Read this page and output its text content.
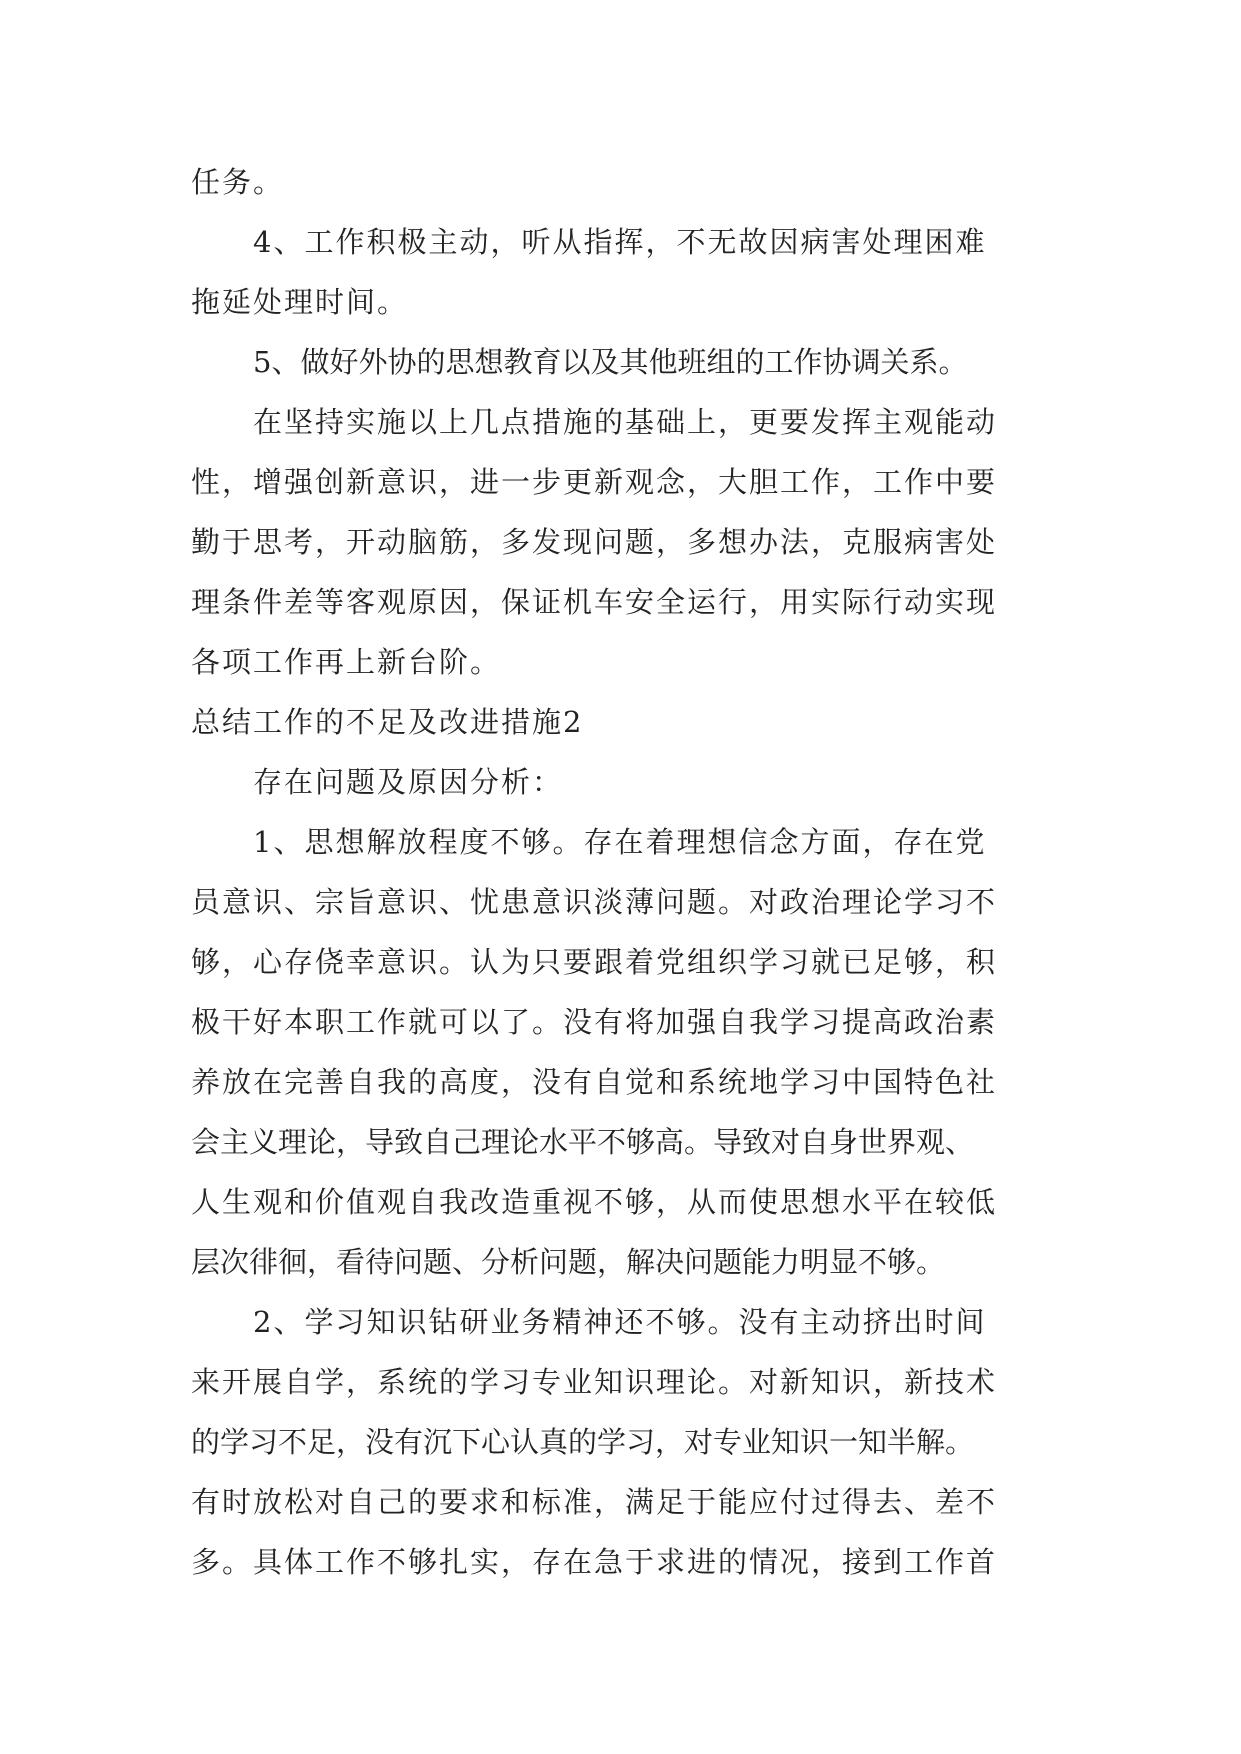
任务。
4、工作积极主动，听从指挥，不无故因病害处理困难
拖延处理时间。
5、做好外协的思想教育以及其他班组的工作协调关系。
在坚持实施以上几点措施的基础上，更要发挥主观能动
性，增强创新意识，进一步更新观念，大胆工作，工作中要
勤于思考，开动脑筋，多发现问题，多想办法，克服病害处
理条件差等客观原因，保证机车安全运行，用实际行动实现
各项工作再上新台阶。
总结工作的不足及改进措施2
存在问题及原因分析：
1、思想解放程度不够。存在着理想信念方面，存在党
员意识、宗旨意识、忧患意识淡薄问题。对政治理论学习不
够，心存侥幸意识。认为只要跟着党组织学习就已足够，积
极干好本职工作就可以了。没有将加强自我学习提高政治素
养放在完善自我的高度，没有自觉和系统地学习中国特色社
会主义理论，导致自己理论水平不够高。导致对自身世界观、
人生观和价值观自我改造重视不够，从而使思想水平在较低
层次徘徊，看待问题、分析问题，解决问题能力明显不够。
2、学习知识钻研业务精神还不够。没有主动挤出时间
来开展自学，系统的学习专业知识理论。对新知识，新技术
的学习不足，没有沉下心认真的学习，对专业知识一知半解。
有时放松对自己的要求和标准，满足于能应付过得去、差不
多。具体工作不够扎实，存在急于求进的情况，接到工作首
